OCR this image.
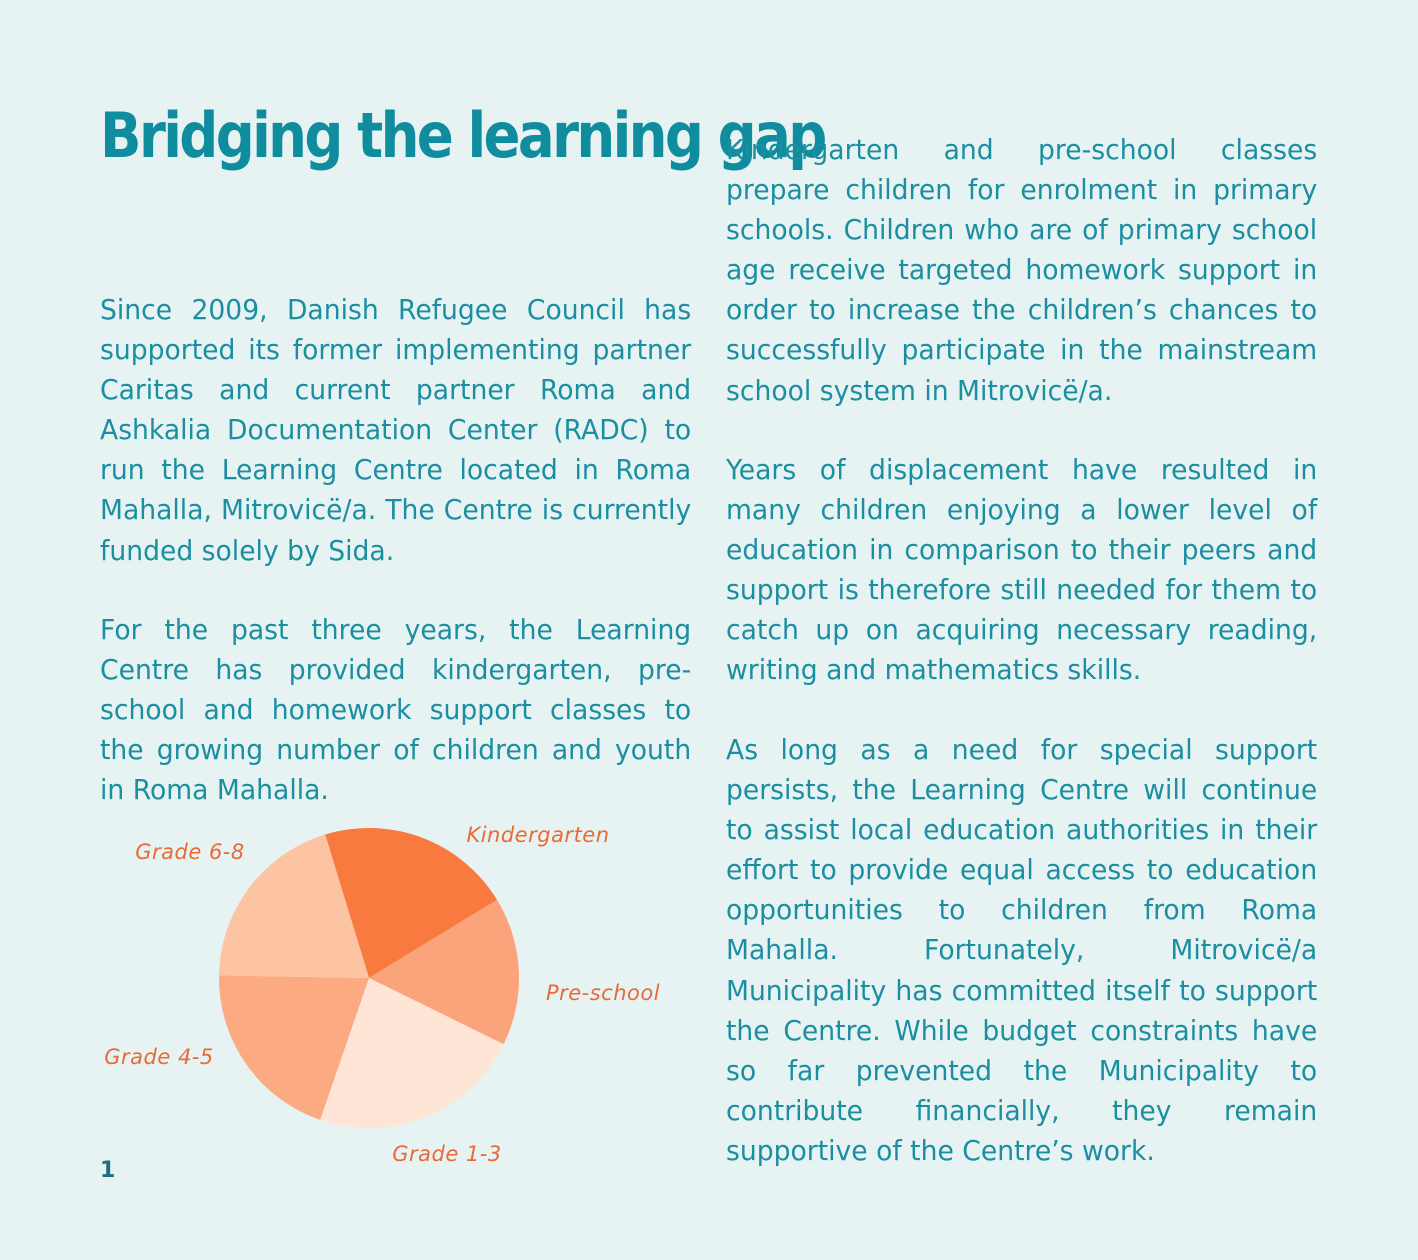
Bridging the learning gap

Since 2009, Danish Refugee Council has supported its former implementing partner Caritas and current partner Roma and Ashkalia Documentation Center (RADC) to run the Learning Centre located in Roma Mahalla, Mitrovicë/a. The Centre is currently funded solely by Sida.

For the past three years, the Learning Centre has provided kindergarten, pre-school and homework support classes to the growing number of children and youth in Roma Mahalla.

Kindergarten and pre-school classes prepare children for enrolment in primary schools. Children who are of primary school age receive targeted homework support in order to increase the children’s chances to successfully participate in the mainstream school system in Mitrovicë/a.

Years of displacement have resulted in many children enjoying a lower level of education in comparison to their peers and support is therefore still needed for them to catch up on acquiring necessary reading, writing and mathematics skills.

As long as a need for special support persists, the Learning Centre will continue to assist local education authorities in their effort to provide equal access to education opportunities to children from Roma Mahalla. Fortunately, Mitrovicë/a Municipality has committed itself to support the Centre. While budget constraints have so far prevented the Municipality to contribute financially, they remain supportive of the Centre’s work.

Kindergarten
Pre-school
Grade 1-3
Grade 4-5
Grade 6-8
1
